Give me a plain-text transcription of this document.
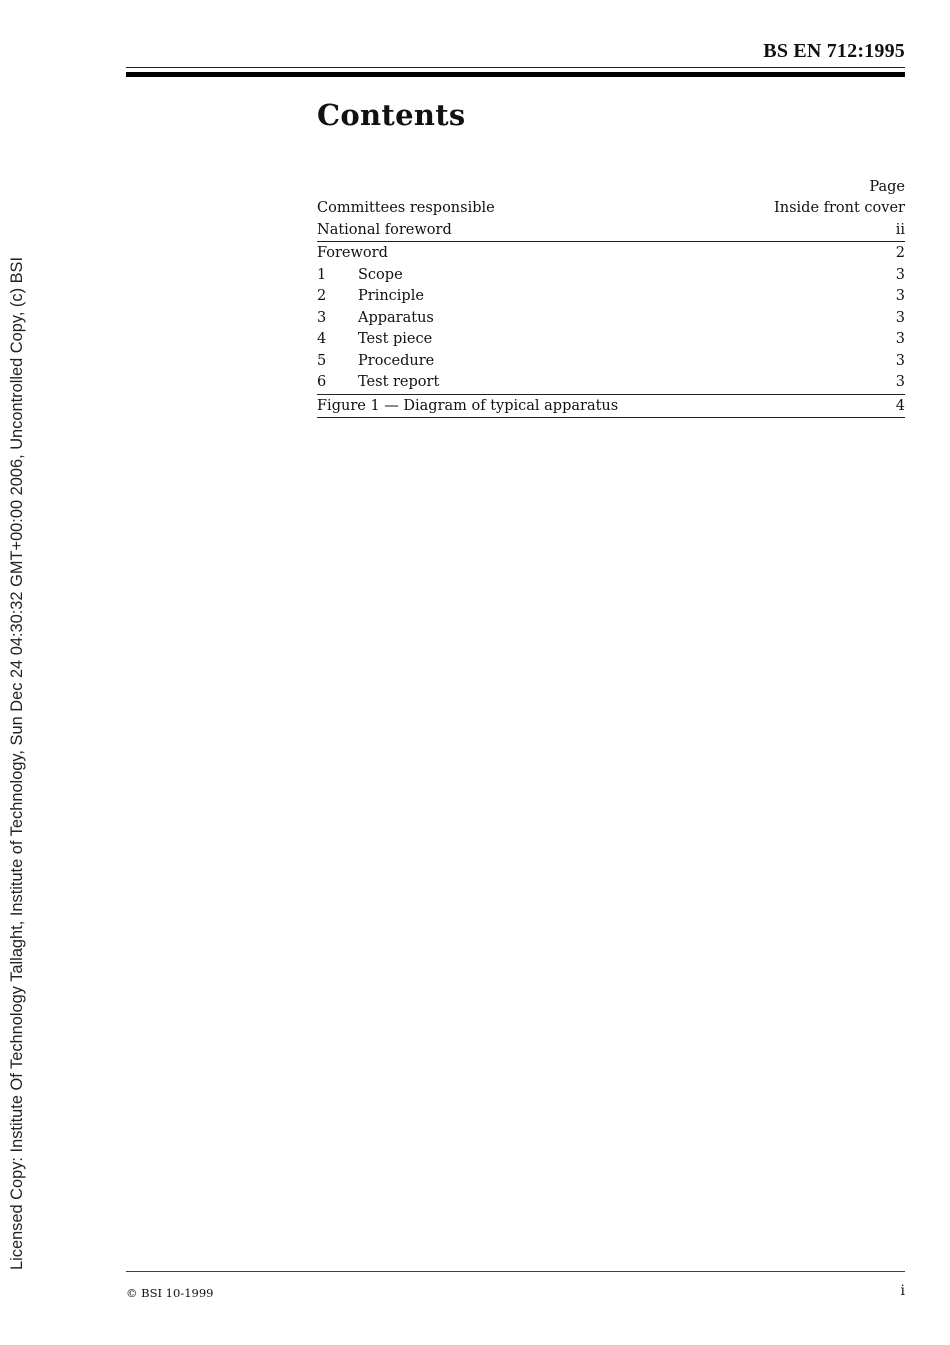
BS EN 712:1995
Contents
Page
Committees responsible	Inside front cover
National foreword	ii
Foreword	2
1	Scope	3
2	Principle	3
3	Apparatus	3
4	Test piece	3
5	Procedure	3
6	Test report	3
Figure 1 — Diagram of typical apparatus	4
Licensed Copy: Institute Of Technology Tallaght, Institute of Technology, Sun Dec 24 04:30:32 GMT+00:00 2006, Uncontrolled Copy, (c) BSI
© BSI 10-1999	i
